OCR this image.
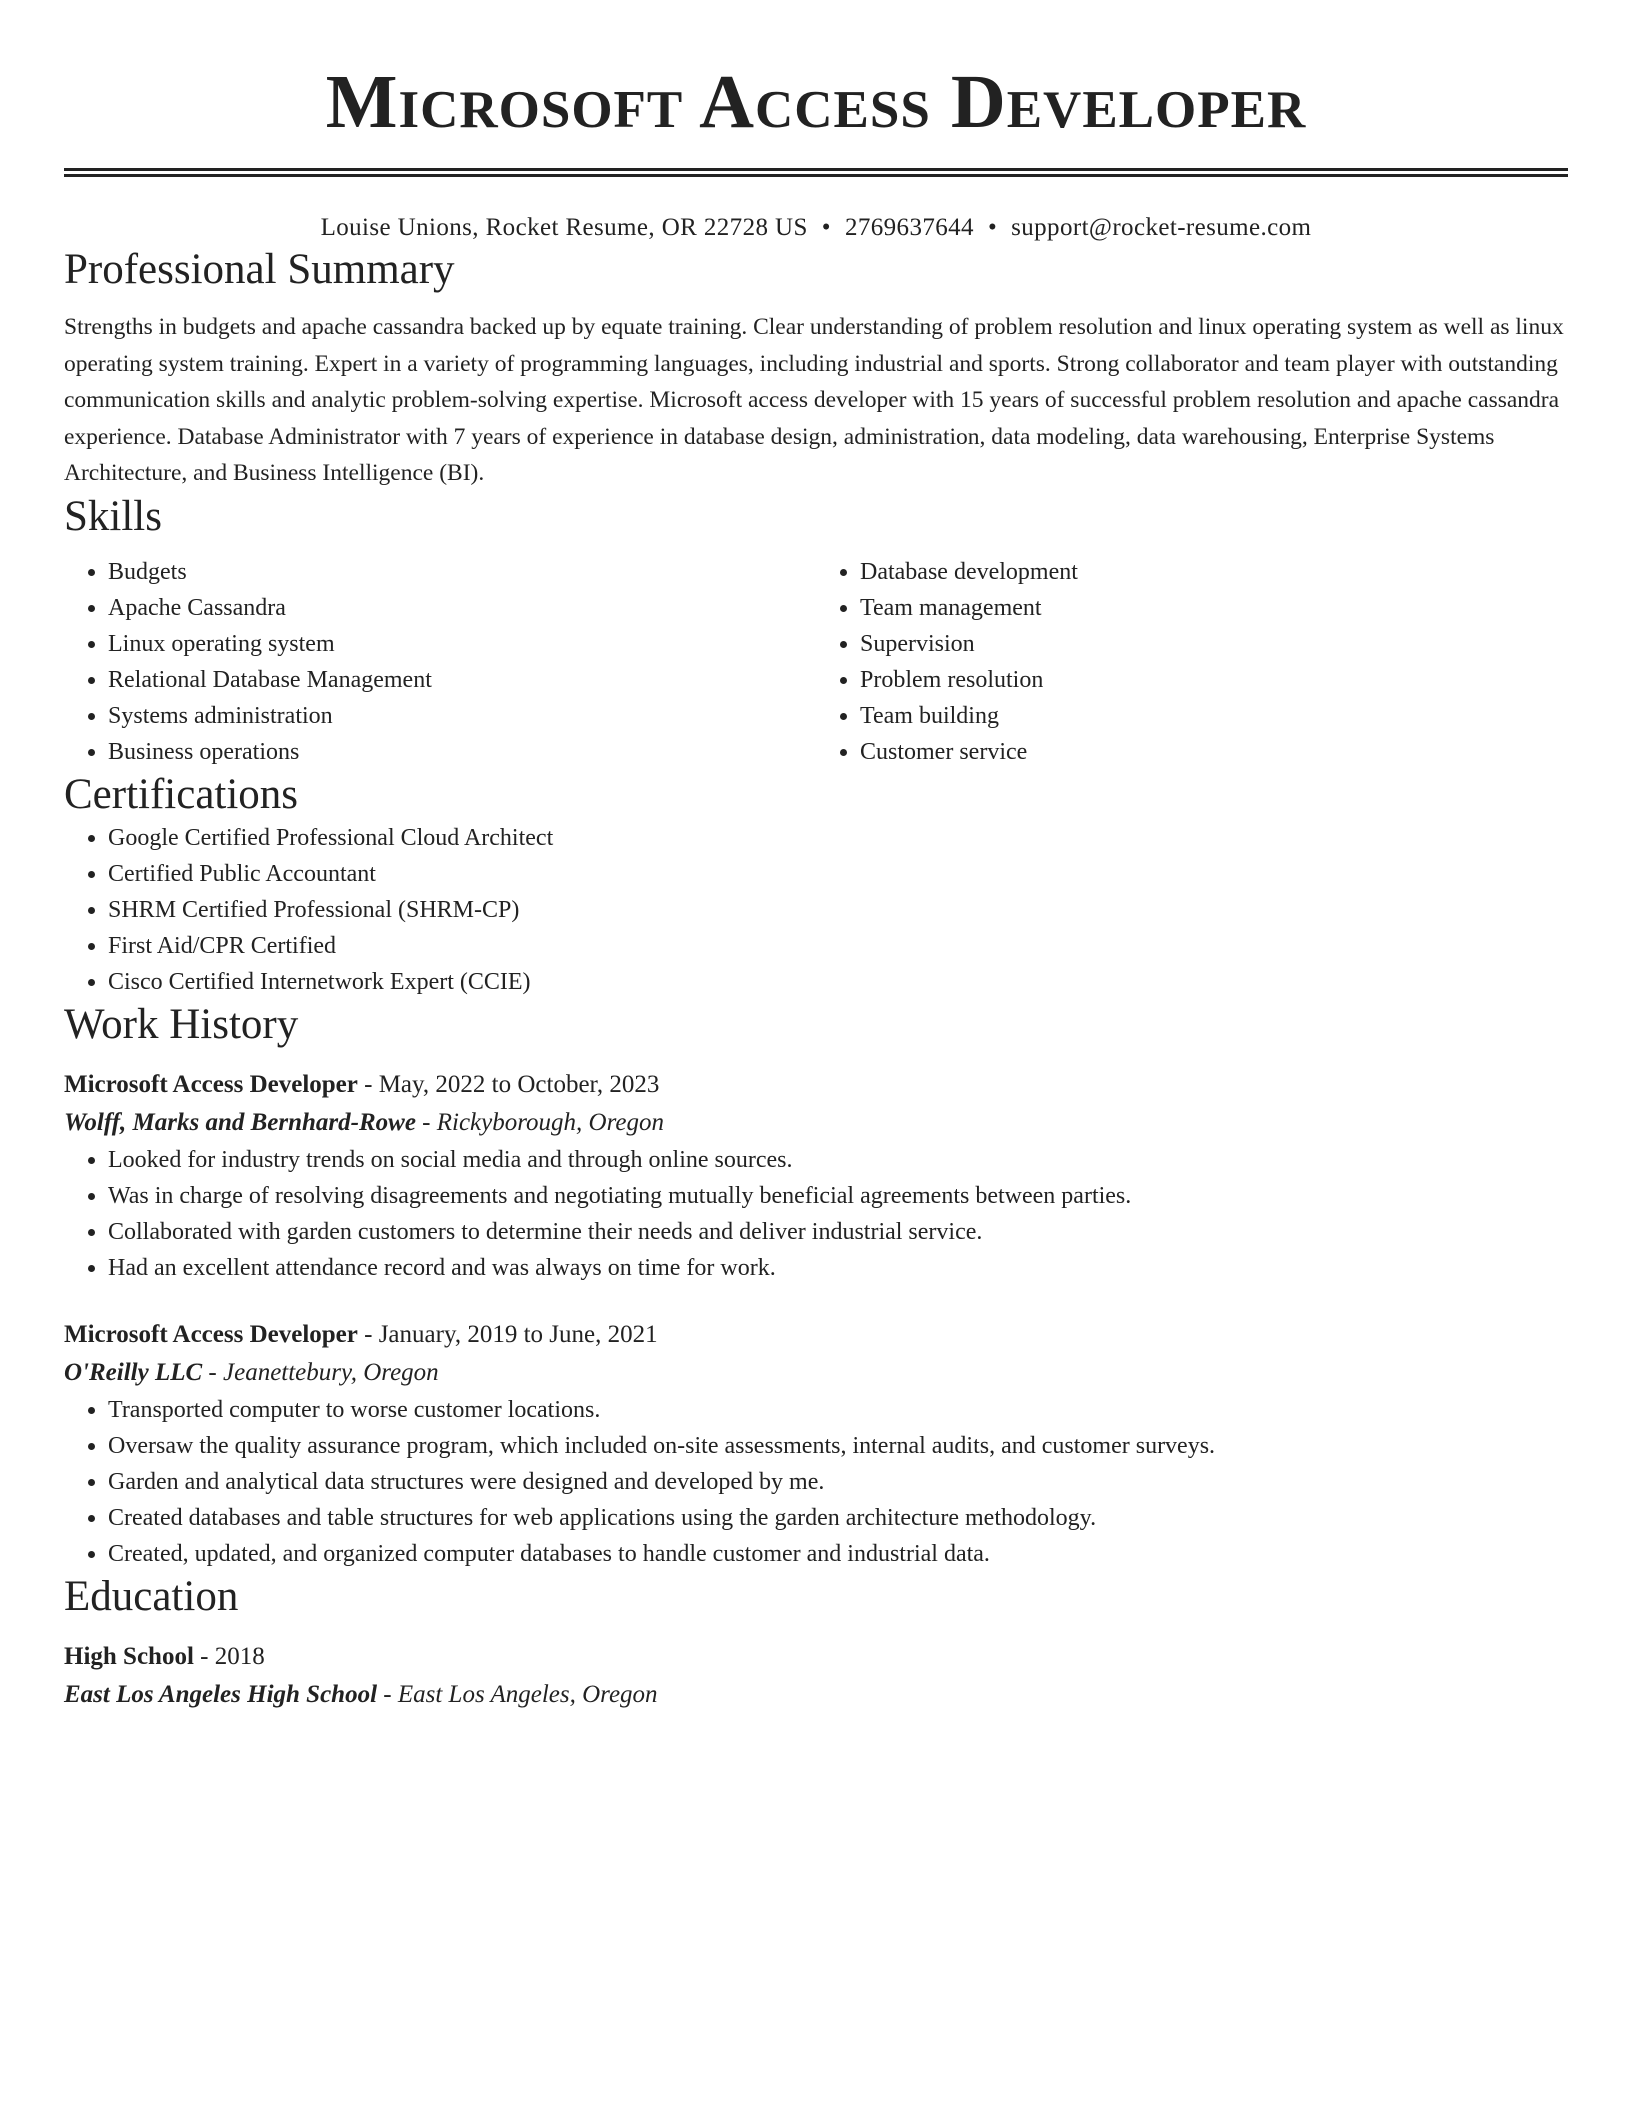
Microsoft Access Developer
Louise Unions, Rocket Resume, OR 22728 US • 2769637644 • support@rocket-resume.com
Professional Summary

Strengths in budgets and apache cassandra backed up by equate training. Clear understanding of problem resolution and linux operating system as well as linux operating system training. Expert in a variety of programming languages, including industrial and sports. Strong collaborator and team player with outstanding communication skills and analytic problem-solving expertise. Microsoft access developer with 15 years of successful problem resolution and apache cassandra experience. Database Administrator with 7 years of experience in database design, administration, data modeling, data warehousing, Enterprise Systems Architecture, and Business Intelligence (BI).

Skills
• Budgets
• Apache Cassandra
• Linux operating system
• Relational Database Management
• Systems administration
• Business operations
• Database development
• Team management
• Supervision
• Problem resolution
• Team building
• Customer service
Certifications
• Google Certified Professional Cloud Architect
• Certified Public Accountant
• SHRM Certified Professional (SHRM-CP)
• First Aid/CPR Certified
• Cisco Certified Internetwork Expert (CCIE)
Work History
Microsoft Access Developer - May, 2022 to October, 2023
Wolff, Marks and Bernhard-Rowe - Rickyborough, Oregon
• Looked for industry trends on social media and through online sources.
• Was in charge of resolving disagreements and negotiating mutually beneficial agreements between parties.
• Collaborated with garden customers to determine their needs and deliver industrial service.
• Had an excellent attendance record and was always on time for work.
Microsoft Access Developer - January, 2019 to June, 2021
O'Reilly LLC - Jeanettebury, Oregon
• Transported computer to worse customer locations.
• Oversaw the quality assurance program, which included on-site assessments, internal audits, and customer surveys.
• Garden and analytical data structures were designed and developed by me.
• Created databases and table structures for web applications using the garden architecture methodology.
• Created, updated, and organized computer databases to handle customer and industrial data.
Education
High School - 2018
East Los Angeles High School - East Los Angeles, Oregon
